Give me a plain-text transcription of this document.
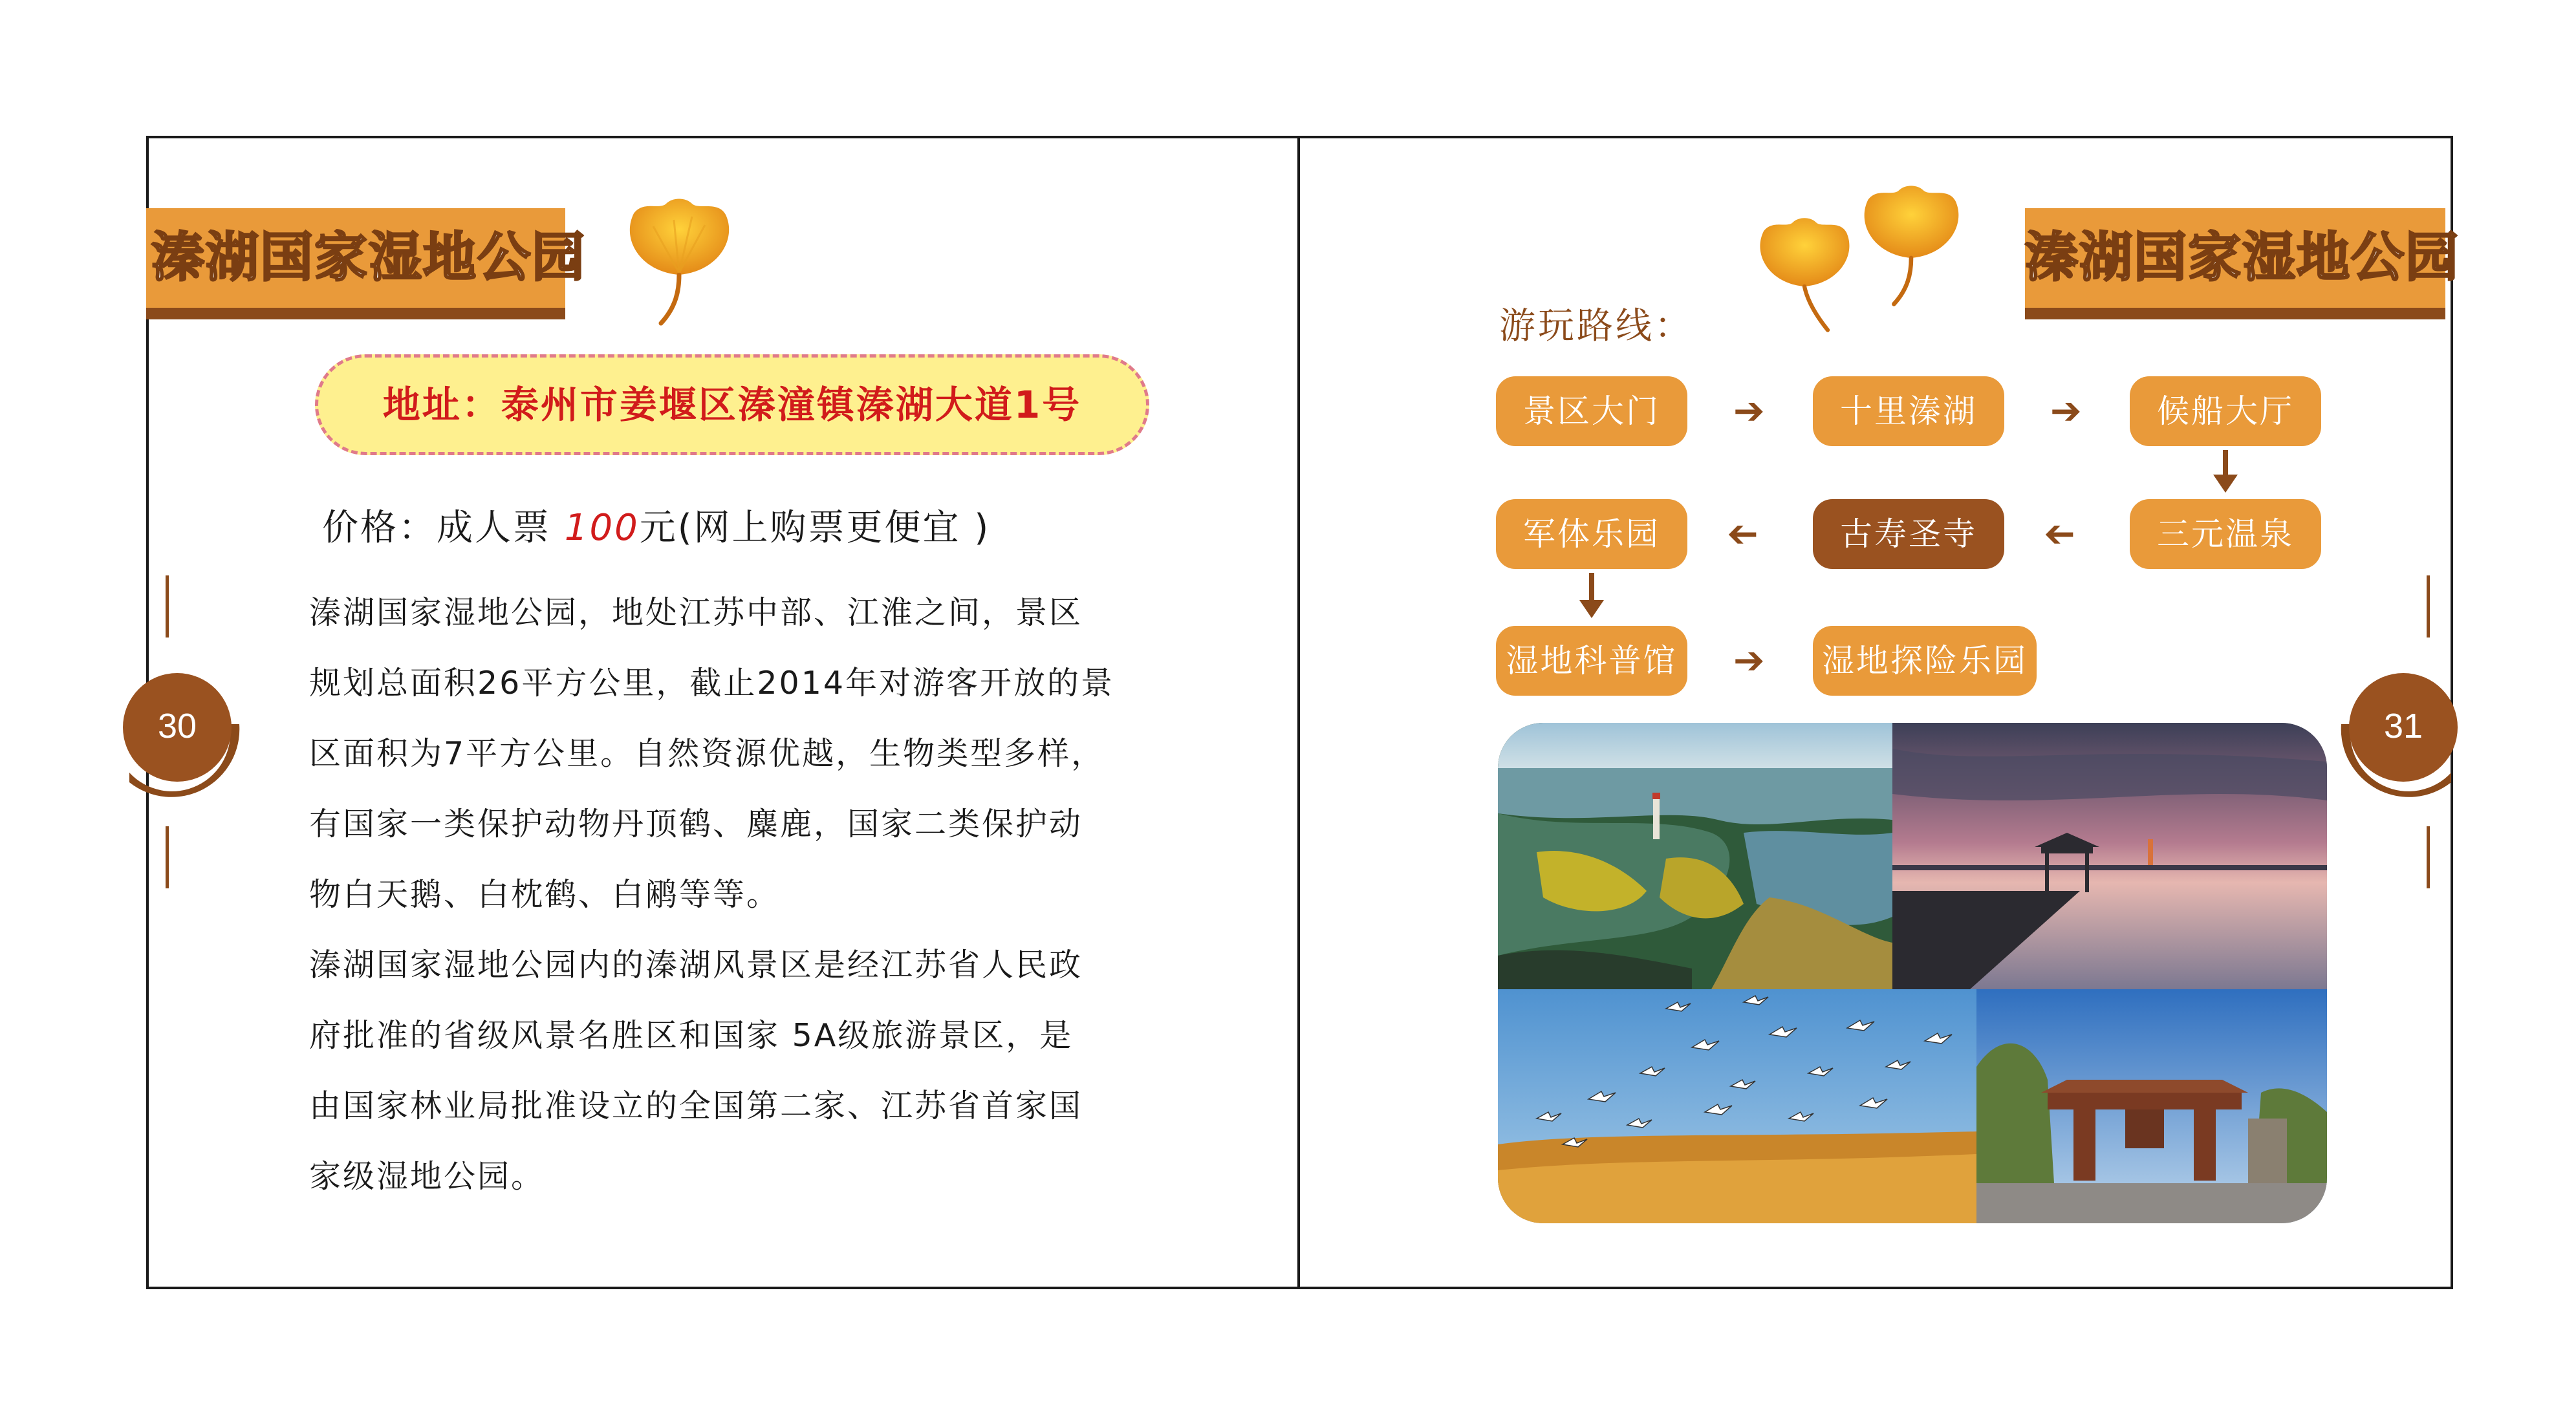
溱湖国家湿地公园
地址：泰州市姜堰区溱潼镇溱湖大道1号
价格：成人票 100元(网上购票更便宜 )
溱湖国家湿地公园，地处江苏中部、江淮之间，景区
规划总面积26平方公里，截止2014年对游客开放的景
区面积为7平方公里。自然资源优越，生物类型多样，
有国家一类保护动物丹顶鹤、麋鹿，国家二类保护动
物白天鹅、白枕鹤、白鹇等等。
溱湖国家湿地公园内的溱湖风景区是经江苏省人民政
府批准的省级风景名胜区和国家 5A级旅游景区，是
由国家林业局批准设立的全国第二家、江苏省首家国
家级湿地公园。
30
溱湖国家湿地公园
游玩路线：
景区大门	➔	十里溱湖	➔	候船大厅
三元温泉
➔
古寿圣寺
➔
军体乐园
湿地科普馆 ➔ 湿地探险乐园
31
